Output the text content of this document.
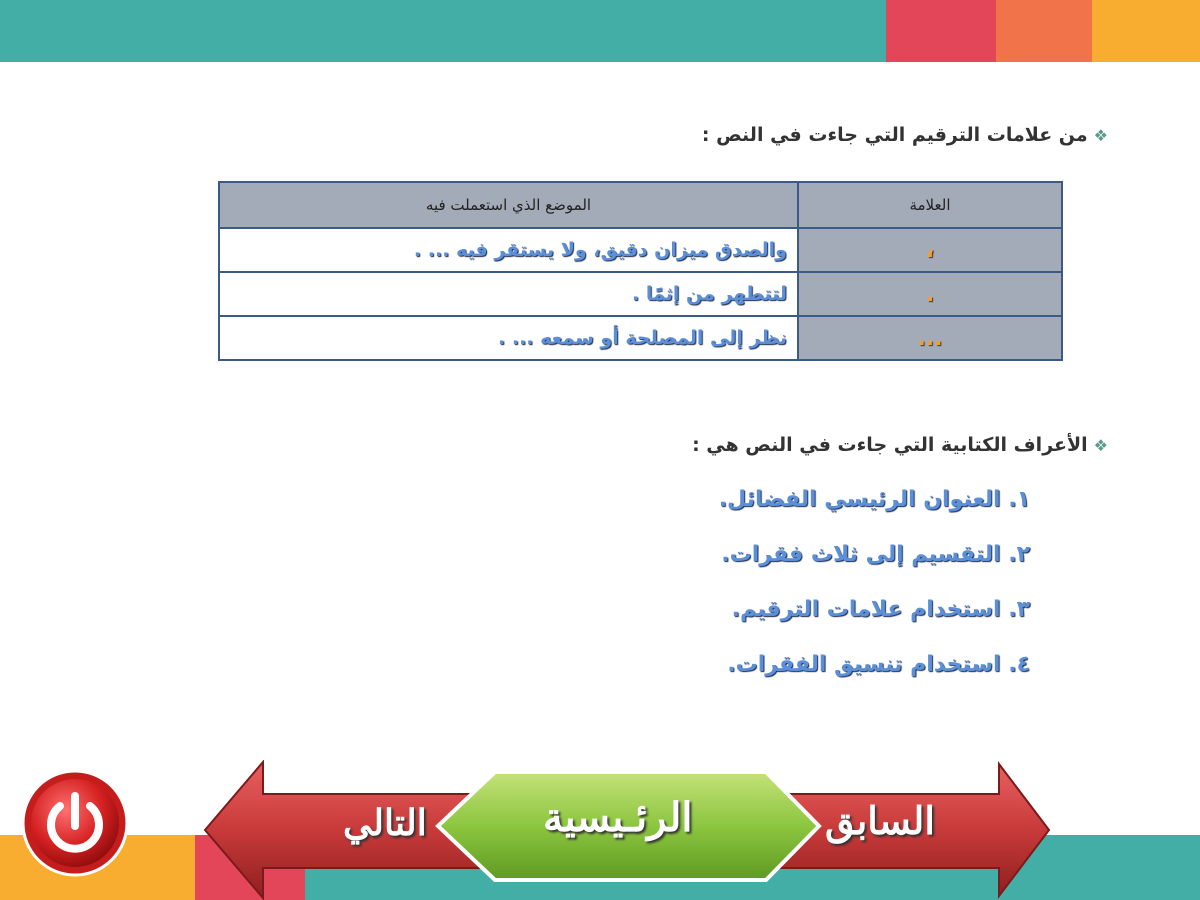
❖من علامات الترقيم التي جاءت في النص :
العلامة	الموضع الذي استعملت فيه
،	والصدق ميزان دقيق، ولا يستقر فيه ... .
.	لتتطهر من إثمًا .
...	نظر إلى المصلحة أو سمعه ... .
❖الأعراف الكتابية التي جاءت في النص هي :
١. العنوان الرئيسي الفضائل.
٢. التقسيم إلى ثلاث فقرات.
٣. استخدام علامات الترقيم.
٤. استخدام تنسيق الفقرات.
التالي	الرئـيسية	السابق
